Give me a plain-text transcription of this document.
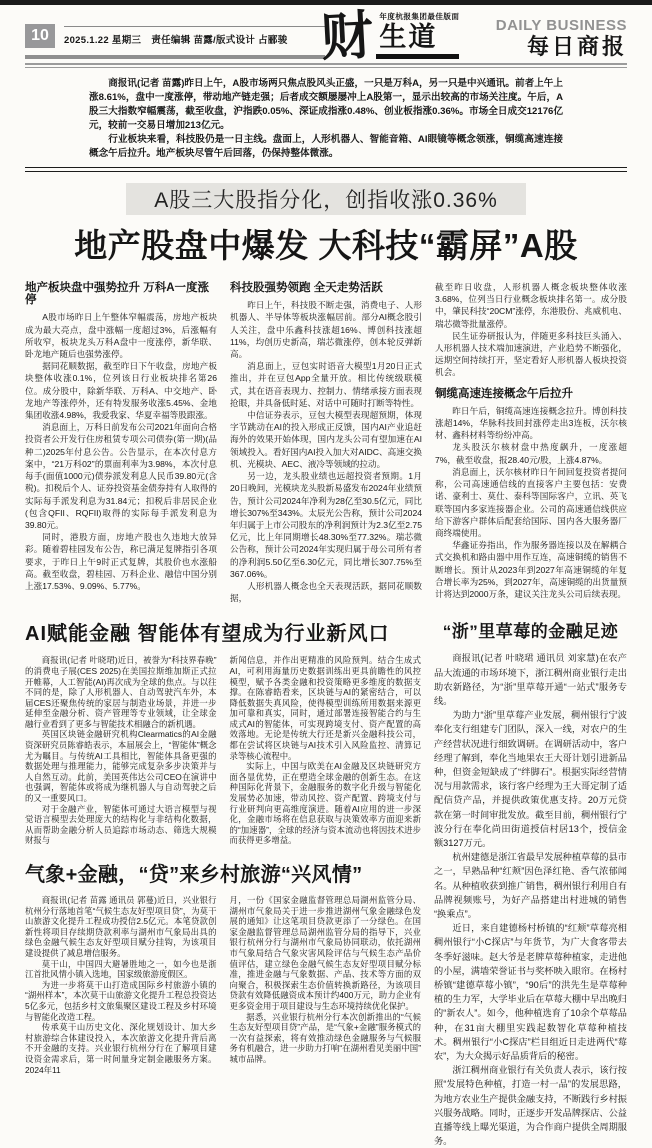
10	2025.1.22 星期三 责任编辑 苗露/版式设计 占郦骏 财 年度杭报集团最佳版面
生道	DAILY BUSINESS
每日商报

商报讯(记者 苗露)昨日上午，A股市场两只焦点股风头正盛，一只是万科A，另一只是中兴通讯。前者上午上涨8.61%，盘中一度涨停，带动地产链走强；后者成交额屡屡冲上A股第一，显示出较高的市场关注度。午后，A股三大指数窄幅震荡，截至收盘，沪指跌0.05%、深证成指涨0.48%、创业板指涨0.36%。市场全日成交12176亿元，较前一交易日增加213亿元。

行业板块来看，科技股仍是一日主线。盘面上，人形机器人、智能音箱、AI眼镜等概念领涨，铜缆高速连接概念午后拉升。地产板块尽管午后回落，仍保持整体微涨。

A股三大股指分化，创指收涨0.36%
地产股盘中爆发 大科技“霸屏”A股
地产板块盘中强势拉升 万科A一度涨停

A股市场昨日上午整体窄幅震荡，房地产板块成为最大亮点，盘中涨幅一度超过3%，后涨幅有所收窄，板块龙头万科A盘中一度涨停，新华联、卧龙地产随后也强势涨停。

据同花顺数据，截至昨日下午收盘，房地产板块整体收涨0.1%，位列该日行业板块排名第26位。成分股中，除新华联、万科A、中交地产、卧龙地产等涨停外，还有特发服务收涨5.45%、金地集团收涨4.98%，我爱我家、华夏幸福等股跟涨。

消息面上，万科日前发布公司2021年面向合格投资者公开发行住房租赁专项公司债券(第一期)(品种二)2025年付息公告。公告显示，在本次付息方案中，“21万科02”的票面利率为3.98%，本次付息每手(面值1000元)债券派发利息人民币39.80元(含税)。扣税后个人、证券投资基金债券持有人取得的实际每手派发利息为31.84元；扣税后非居民企业(包含QFII、RQFII)取得的实际每手派发利息为39.80元。

同时，港股方面，房地产股也久违地大放异彩。随着碧桂园发布公告，称已满足复牌指引各项要求，于昨日上午9时正式复牌，其股价也水涨船高。截至收盘，碧桂园、万科企业、融信中国分别上涨17.53%、9.09%、5.77%。

科技股强势领跑 全天走势活跃

昨日上午，科技股不断走强，消费电子、人形机器人、半导体等板块涨幅居前。部分AI概念股引人关注，盘中乐鑫科技涨超16%、博创科技涨超11%，均创历史新高，瑞芯微涨停，创本轮反弹新高。

消息面上，豆包实时语音大模型1月20日正式推出，并在豆包App全量开放。相比传统级联模式，其在语音表现力、控制力、情绪承接方面表现抢眼，并具备低时延、对话中可随时打断等特性。

中信证券表示，豆包大模型表现超预期，体现字节跳动在AI的投入形成正反馈，国内AI产业追赶海外的效果开始体现，国内龙头公司有望加速在AI领域投入。看好国内AI投入加大对AIDC、高速交换机、光模块、AEC、液冷等领域的拉动。

另一边，龙头股业绩也远超投资者预期。1月20日晚间，光模块龙头股新易盛发布2024年业绩预告，预计公司2024年净利为28亿至30.5亿元，同比增长307%至343%。太辰光公告称，预计公司2024年归属于上市公司股东的净利润预计为2.3亿至2.75亿元，比上年同期增长48.30%至77.32%。瑞芯微公告称，预计公司2024年实现归属于母公司所有者的净利润5.50亿至6.30亿元，同比增长307.75%至367.06%。

人形机器人概念也全天表现活跃，据同花顺数据，

截至昨日收盘，人形机器人概念板块整体收涨3.68%，位列当日行业概念板块排名第一。成分股中，肇民科技“20CM”涨停，东港股份、兆威机电、瑞芯微等批量涨停。

民生证券研报认为，伴随更多科技巨头涌入、人形机器人技术端加速演进，产业趋势不断强化，远期空间持续打开，坚定看好人形机器人板块投资机会。

铜缆高速连接概念午后拉升

昨日午后，铜缆高速连接概念拉升。博创科技涨超14%，华脉科技回封涨停走出3连板，沃尔核材、鑫科材料等纷纷冲高。

龙头股沃尔核材盘中热度飙升，一度涨超7%，截至收盘，报28.40元/股，上涨4.87%。

消息面上，沃尔核材昨日午间回复投资者提问称，公司高速通信线的直接客户主要包括：安费诺、豪利士、莫仕、泰科等国际客户，立讯、英飞联等国内多家连接器企业。公司的高速通信线供应给下游客户群体后配套给国际、国内各大服务器厂商终端使用。

华鑫证券指出，作为服务器连接以及在解耦合式交换机和路由器中用作互连，高速铜缆的销售不断增长。预计从2023年到2027年高速铜缆的年复合增长率为25%，到2027年，高速铜缆的出货量预计将达到2000万条，建议关注龙头公司后续表现。

AI赋能金融 智能体有望成为行业新风口

商报讯(记者 叶晓珺)近日，被誉为“科技界春晚”的消费电子展(CES 2025)在美国拉斯维加斯正式拉开帷幕，人工智能(AI)再次成为全球的焦点。与以往不同的是，除了人形机器人、自动驾驶汽车外，本届CES还聚焦传统的家居与制造业场景，并进一步延伸至金融分析、资产管理等专业领域，让全球金融行业看到了更多与智能技术相融合的新机遇。

英国区块链金融研究机构Clearmatics的AI金融资深研究员陈睿皓表示，本届展会上，“智能体”概念尤为瞩目。与传统AI工具相比，智能体具备更强的数据处理与推理能力，能够完成复杂多步决策并与人自然互动。此前，美国英伟达公司CEO在演讲中也强调，智能体或将成为继机器人与自动驾驶之后的又一重要风口。

对于金融产业，智能体可通过大语言模型与视觉语言模型去处理庞大的结构化与非结构化数据，从而帮助金融分析人员追踪市场动态、筛选大规模财报与

新闻信息，并作出更精准的风险预判。结合生成式AI，可利用海量历史数据训练出更具前瞻性的风控模型，赋予各类金融和投资策略更多维度的数据支撑。在陈睿皓看来，区块链与AI的紧密结合，可以降低数据失真风险，使得模型训练所用数据来源更加可靠和真实，同时，通过部署连接智能合约与生成式AI的智能体，可实现跨境支付、资产配置的高效落地。无论是传统大行还是新兴金融科技公司，都在尝试将区块链与AI技术引入风险监控、清算记录等核心流程中。

实际上，中国与欧美在AI金融及区块链研究方面各显优势，正在塑造全球金融的创新生态。在这种国际化背景下，金融服务的数字化升级与智能化发展势必加速，带动风控、资产配置、跨境支付与行业研判向更高维度演进。随着AI应用的进一步深化，金融市场将在信息获取与决策效率方面迎来新的“加速器”，全球的经济与资本流动也将因技术进步而获得更多增益。

气象+金融，“贷”来乡村旅游“兴风情”

商报讯(记者 苗露 通讯员 郭蔓)近日，兴业银行杭州分行落地首笔“气候生态友好型项目贷”，为莫干山旅游文化提升工程成功授信2.5亿元。本笔贷款创新性将项目存续期贷款利率与湖州市气象局出具的绿色金融气候生态友好型项目赋分挂钩，为该项目建设提供了减息增信服务。

莫干山，中国四大避暑胜地之一，如今也是浙江首批风情小镇入选地，国家级旅游度假区。

为进一步将莫干山打造成国际乡村旅游小镇的“湖州样本”，本次莫干山旅游文化提升工程总投资达5亿多元，包括乡村文旅集聚区建设工程及乡村环境与智能化改造工程。

传承莫干山历史文化、深化规划设计、加大乡村旅游综合体建设投入，本次旅游文化提升背后离不开金融的支持。兴业银行杭州分行在了解项目建设资金需求后，第一时间量身定制金融服务方案。2024年11

月，一份《国家金融监督管理总局湖州监管分局、湖州市气象局关于进一步推进湖州气象金融绿色发展的通知》让这笔项目贷款更添了一分绿色。在国家金融监督管理总局湖州监管分局的指导下，兴业银行杭州分行与湖州市气象局协同联动，依托湖州市气象局结合气象灾害风险评估与气候生态产品价值评估，建立绿色金融气候生态友好型项目赋分标准，推进金融与气象数据、产品、技术等方面的双向聚合，积极探索生态价值转换新路径，为该项目贷款有效降低融资成本预计约400万元，助力企业有更多资金用于项目建设与生态环境持续优化保护。

据悉，兴业银行杭州分行本次创新推出的“气候生态友好型项目贷”产品，是“气象+金融”服务模式的一次有益探索，将有效推动绿色金融服务与气候服务有机融合，进一步助力打响“在湖州看见美丽中国”城市品牌。

“浙”里草莓的金融足迹

商报讯(记者 叶晓珺 通讯员 刘家慧)在农产品大流通的市场环境下，浙江稠州商业银行走出助农新路径，为“浙”里草莓开通“一站式”服务专线。

为助力“浙”里草莓产业发展，稠州银行宁波奉化支行组建专门团队，深入一线，对农户的生产经营状况进行细致调研。在调研活动中，客户经理了解到，奉化当地果农王大哥计划引进新品种，但资金短缺成了“绊脚石”。根据实际经营情况与用款需求，该行客户经理为王大哥定制了适配信贷产品，并提供政策优惠支持。20万元贷款在第一时间审批发放。截至目前，稠州银行宁波分行在奉化尚田街道授信村居13个，授信金额3127万元。

杭州建德是浙江省最早发展种植草莓的县市之一，早熟品种“红颊”因色泽红艳、香气浓郁闻名。从种植收获到推广销售，稠州银行利用自有品牌视频账号，为好产品搭建出村进城的销售“换乘点”。

近日，来自建德杨村桥镇的“红颊”草莓亮相稠州银行“小C探店”与年货节，为广大食客带去冬季好滋味。赵大爷是老牌草莓种植家，走进他的小屋，满墙荣誉证书与奖杯映入眼帘。在杨村桥镇“建德草莓小镇”，“90后”的洪先生是草莓种植的生力军，大学毕业后在草莓大棚中早出晚归的“新农人”。如今，他种植选育了10余个草莓品种，在31亩大棚里实践起数智化草莓种植技术。稠州银行“小C探店”栏目组近日走进两代“莓农”，为大众揭示好品质背后的秘密。

浙江稠州商业银行有关负责人表示，该行按照“发展特色种植，打造一村一品”的发展思路，为地方农业生产提供金融支持，不断践行乡村振兴服务战略。同时，正逐步开发品牌探店、公益直播等线上曝光渠道，为合作商户提供全周期服务。
